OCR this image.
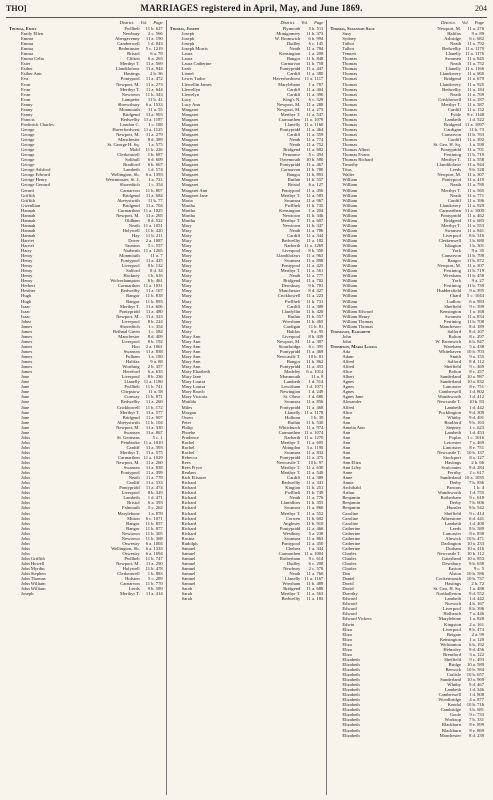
THO]	MARRIAGES registered in April, May, and June 1869.	204
District. Vol. Page
Thomas, Emily	Pwllheli	11 b. 627
Emily Ellen	Newbury	2 c. 566
Emma	Abergavenny	11 a. 190
Emma	Camberwell	1 d. 843
Emma	Bedminster	5 c. 1219
Emma	Bristol	6 a. 78
Emma Celia	Clifton	6 a. 263
Ester	Merthyr T.	11 a. 569
Esther	Llandilofawr	11 a. 944
Esther Ann	Hastings	2 b. 36
Eva	Pontypool	11 a. 472
Evan	Newport, M.	11 a. 273
Evan	Merthyr T.	11 a. 644
Evan	Newtown	11 b. 343
Evan	Lampeter	11 b. 41
Fanny	Shrewsbury	6 a. 1533
Fanny	Monmouth	11 a. 55
Fanny	Bridgend	11 a. 903
Francis	Bedwellty 11 a. 1187
Frederick Charles	London C.	1 c. 188
George	Haverfordwest 11 a. 1125
George	Newport, M.	11 a. 279
George	Manchester	8 d. 389
George	St. George H. Sq.	1 a. 575
George	Mold	11 b. 226
George	Clerkenwell	1 b. 687
George	Solihull	6 d. 609
George	Bradford	6 b. 667
George Ashford	Lambeth	1 d. 574
George Edward	Wellington, Sh.	6 a. 1393
George Henry	Westminster, St. J.	1 a. 721
George Gerrard	Shoreditch	1 c. 354
Gerard	Carnarvon	11 b. 807
Griffith	Bridgend	11 a. 684
Griffith	Aberystwith	11 b. 77
Gwenllian	Bridgend	11 a. 704
Hannah	Carmarthen 11 a. 1025
Hannah	Newport, M.	11 a. 265
Hannah	Oldham	8 d. 522
Hannah	Neath 11 a. 1051
Hannah	Holywell	11 b. 420
Hannah	Hay	11 b. 211
Harriet	Dover	2 a. 1087
Harriet	Taunton	5 c. 557
Harry	Narberth 11 a. 1265
Henry	Monmouth	11 a. 7
Henry	Pontypool	11 a. 425
Henry	Liverpool	8 b. 132
Henry	Salford	8 d. 34
Henry	Hackney	1 b. 616
Henry	Wolverhampton	6 b. 461
Herbert	Carmarthen 11 a. 1031
Hesther	Bedwellty	11 a. 167
Hugh	Bangor	11 b. 838
Hugh	Bangor	11 b. 893
Isaac	Merthyr T.	11 a. 606
Isaac	Pontypridd	11 a. 480
Isaac	Newport, M.	11 a. 323
Jabez	Liverpool	8 b. 224
James	Shoreditch	1 c. 354
James	Bethnal Green	1 c. 584
James	Manchester	8 d. 409
James	Liverpool	8 b. 192
James	Hoo	2 a. 1061
James	Swansea	11 a. 838
James	Fulham	1 a. 180
James	Halifax	9 a. 88
James	Worthing	2 b. 357
James	Hereford	6 a. 635
Jane	Liverpool	8 b. 236
Jane	Llanelly 11 a. 1180
Jane	Pwllheli	11 b. 741
Jane	Chepstow	11 a. 58
Jane	Conway	11 b. 871
Jane	Bedwellty	11 a. 260
Jane	Crickhowell	11 b. 172
Jane	Merthyr T.	11 a. 577
Jane	Bridgend	11 a. 907
Jane	Aberystwith	11 b. 104
Jane	Newport, M.	11 a. 330
Jane	Swansea	11 a. 867
John	St. Germans	5 c. 1
John	Pembroke 11 a. 1010
John	Cardiff	11 a. 393
John	Merthyr T.	11 a. 575
John	Carmarthen 11 a. 1029
John	Newport, M.	11 a. 260
John	Swansea	11 a. 838
John	Pontypool	11 a. 399
John	Neath	11 a. 778
John	Cardiff	11 a. 533
John	Pontypridd	11 a. 474
John	Liverpool	8 b. 329
John	Lambeth	1 d. 471
John	Bristol	6 a. 393
John	Falmouth	5 c. 262
John	Marylebone	1 a. 878
John	Mitton	6 c. 1071
John	Bangor	11 b. 857
John	Bangor	11 b. 877
John	Newtown	11 b. 305
John	Newtown	11 b. 368
John	Oswestry	6 a. 1004
John	Wellington, Sh.	6 a. 1333
John	Oswestry	6 a. 1094
John Griffith	Pwllheli	11 b. 747
John Howell	Newport, M.	11 a. 290
John Myrdin	Holywell	11 b. 478
John Stephen	Clerkenwell	1 b. 883
John Thomas	Holston	5 c. 289
John William	Carnarvon	11 b. 770
John William	Leeds	9 b. 589
Joseph	Merthyr T.	11 a. 414
District. Vol. Page
Thomas, Joseph	Plymouth	5 b. 511
Joseph	Montgomery	11 b. 373
Joseph	W. Bromwich	6 b. 994
Joseph	Dudley	6 c. 145
Joseph Morris	Neath	11 a. 784
Laura	Kensington	1 a. 208
Laura	Bangor	11 b. 848
Laura Catherine	Carnarvon	11 b. 758
Leah	Pontypridd	11 a. 447
Lionel	Cardiff	11 a. 380
Lewis Tudor	Haverfordwest 11 a. 1117
Llewellin James	Marylebone	1 a. 787
Llewellyn	Cardiff	11 a. 404
Llewelyn	Cardiff	11 a. 390
Lucy	King's N.	6 c. 329
Lucy Ann	Newport, M.	11 a. 288
Margaret	Newport, M.	11 a. 273
Margaret	Merthyr T.	11 a. 547
Margaret	Carmarthen 11 a. 1079
Margaret	Llanelly 11 a. 1160
Margaret	Pontypridd	11 a. 464
Margaret	Cardiff	11 a. 359
Margaret	Neath	11 a. 774
Margaret	Neath	11 a. 752
Margaret	Bridgend	11 a. 682
Margaret	Penzance	5 c. 494
Margaret	Tynemouth	10 b. 580
Margaret	Pontypridd	11 a. 467
Margaret	Carnarvon	11 b. 780
Margaret	Bangor	11 b. 893
Margaret	Ruthin	11 b. 557
Margaret	Bristol	6 a. 127
Margaret Ann	Pontypool	11 a. 456
Margaret Jane	Merthyr T.	11 a. 585
Maria	Swansea	11 a. 967
Martha	Pwllheli	11 b. 735
Martha	Kensington	1 a. 204
Martha	Newtown	11 b. 346
Martha	Merthyr T.	11 a. 607
Mary	Newtown	11 b. 347
Mary	Neath	11 a. 786
Mary	Cardiff	11 a. 344
Mary	Bedwellty	11 a. 182
Mary	Narberth 11 a. 1269
Mary	Liverpool	8 b. 350
Mary	Llandilofawr	11 a. 963
Mary	Swansea	11 a. 898
Mary	Pontypool	11 a. 425
Mary	Merthyr T.	11 a. 561
Mary	Neath	11 a. 777
Mary	Bridgend	11 a. 702
Mary	Dewsbury	9 b. 781
Mary	Manchester	8 d. 427
Mary	Crickhowell	11 a. 223
Mary	Pwllheli	11 b. 731
Mary	Cardiff	11 a. 389
Mary	Llanfyllin	11 b. 420
Mary	Ruthin	11 b. 557
Mary	Wrexham	11 b. 465
Mary	Cardigan	11 b. 81
Mary	Halifax	9 a. 95
Mary Ann	Liverpool	8 b. 439
Mary Ann	Newport, M.	11 a. 307
Mary Ann	Stourbridge	6 c. 395
Mary Ann	Pontypridd	11 a. 469
Mary Ann	Newcastle T.	10 b. 81
Mary Ann	Bangor	11 b. 862
Mary Ann	Pontypridd	11 a. 453
Mary Elizabeth	Madeley	6 a. 1014
Mary Jane	Monmouth	11 a. 9
Mary Louisa	Lambeth	1 d. 514
Mary Louisa	Lewisham	1 d. 1071
Mary Roach	Newington	1 d. 249
Mary Victoria	St. Olave	1 d. 680
Matilda	Swansea	11 a. 856
Miles	Pontypridd	11 a. 468
Morgan	Llanelly 11 a. 1178
Owen	Holborn	1 b. 39
Peter	Ruthin	11 b. 530
Philip	Whitchurch	11 a. 974
Phoebe	Carmarthen 11 a. 1074
Prudence	Narberth 11 a. 1270
Rachel	Merthyr T.	11 a. 605
Rachel	Abingdon	3 a. 1190
Rachel	Swansea	11 a. 832
Rebecca	Pontypridd	11 a. 475
Rees	Newcastle T.	10 b. 97
Rees Pryce	Merthyr T.	11 a. 630
Reuben	Merthyr T.	11 a. 549
Rich Elisaser	Cardiff	11 a. 389
Richard	Bedwellty	11 a. 341
Richard	Kington	11 b. 251
Richard	Pwllheli	11 b. 749
Richard	Neath	11 a. 776
Richard	Llanidloes	11 b. 355
Richard	Swansea	11 a. 866
Richard	Merthyr T.	11 a. 552
Richard	Corwen	11 b. 602
Richard	Anglesey	11 b. 910
Richard	Pontypridd	11 a. 466
Richard	Westbury	5 a. 238
Rosina	Swansea	11 a. 863
Rudolph	Pontypool	11 a. 450
Samuel	Chelsea	1 a. 344
Samuel	Carmarthen 11 a. 1004
Samuel	Rotherham	9 c. 614
Samuel	Dudley	6 c. 208
Samuel	Newbury	2 c. 578
Samuel	Neath	11 a. 760
Samuel	Llanelly 11 a. 1167
Samuel	Wrexham	11 b. 489
Sarah	Bridgend	11 a. 688
Sarah	Merthyr T.	11 a. 563
Sarah	Bedwellty	11 a. 183
District. Vol. Page
Thomas, Susannah Sage	Newport, M.	11 a. 276
Susy	Halifax	9 a. 89
Sydney	Asbridge	6 c. 682
Talbot	Neath	11 a. 792
Talbot	Bedwellty 11 a. 1179
Tennett	Llanelly 11 a. 1176
Thomas	Swansea	11 a. 845
Thomas	Neath	11 a. 752
Thomas	Llanelly 11 a. 1166
Thomas	Llandovery	11 a. 960
Thomas	Bridgend	11 a. 679
Thomas	Llandovery	11 a. 925
Thomas	Bedwellty	11 a. 184
Thomas	Neath	11 a. 769
Thomas	Crickhowell	11 a. 187
Thomas	Merthyr T.	11 a. 587
Thomas	Cardiff	11 a. 152
Thomas	Fylde	8 e. 1148
Thomas	Lambeth	1 d. 522
Thomas	Bridgend 11 a. 1097
Thomas	Cardigan	11 b. 73
Thomas	Carnarvon	11 b. 763
Thomas	Cardiff	11 a. 392
Thomas	St. Geo. H. Sq.	1 a. 590
Thomas Albert	Pontypridd	11 a. 701
Thomas Evans	Festiniog	11 b. 719
Thomas Richard	Merthyr T.	11 a. 558
Timothy	Llandilofawr	11 a. 944
Titus	Leeds	9 b. 528
Walter	Newport, M.	11 a. 307
William	Pontypool	11 a. 419
William	Neath	11 a. 780
William	Merthyr T.	11 a. 565
William	Neath	11 a. 771
William	Cardiff	11 a. 396
William	Llandovery	11 a. 929
William	Carmarthen 11 a. 1000
William	Pontypridd	11 a. 462
William	Bridgend	11 a. 683
William	Merthyr T.	11 a. 553
William	Swansea	11 a. 841
William	Liverpool	8 b. 316
William	Clerkenwell	1 b. 680
William	Islington	1 b. 301
William	York	9 a. 35
William	Carnarvon	11 b. 798
William	Bangor	11 b. 872
William	Newport, M.	11 a. 307
William	Festiniog	11 b. 719
William	Wrexham	11 b. 458
William	York	9 a. 27
William	Festiniog	11 b. 730
William	Huddersfield	9 a. 395
William	Chard	5 c. 1044
William	Ludlow	6 a. 983
William	Sheffield	9 c. 399
William Edward	Kensington	1 a. 168
William Henry	Swansea	11 a. 834
William Thomas	Festiniog	11 b. 708
William Thomas	Manchester	8 d. 189
Thomason, Elizabeth	Salford	8 d. 107
John	Bolton	8 c. 297
John	W. Bromwich	6 b. 847
Thompson, Maria Louisa	Wareham	5 a. 438
Ada	Whitehaven	10 b. 703
Adam	Smith	9 a. 155
Alfred	Salford	8 d. 112
Alfred	Sheffield	9 c. 469
Alice	Bolton	8 c. 257
Albert	Sunderland	10 a. 987
Agnes	Sunderland	10 a. 832
Agnes	Lancaster	8 e. 751
Agnes	Camberwell	1 d. 802
Agnes Jane	Wandsworth	1 d. 412
Alexander	Newcastle T.	10 b. 83
Alfred	Lambeth	1 d. 442
Alice	Pocklington	9 d. 309
Ann	Whitby	9 d. 491
Ann	Bradford	9 b. 163
Amelia Ann	Stepney	1 c. 623
Ann	Lambeth	1 d. 453
Ann	Poplar	1 c. 1016
Ann	Leicester	7 a. 469
Ann	Lancaster	8 e. 751
Ann	Newcastle T.	10 b. 137
Ann	Stockport	8 a. 127
Ann Eliza	Hastings	2 b. 66
Ann Liley	Sculcoates	9 d. 284
Anne	Ferriby	2 c. 617
Anne	Sunderland 10 a. 1035
Annie	Derby	7 b. 836
Archibald	Pancras	1 b. 4
Arthur	Wandsworth	1 d. 755
Benjamin	Rotherham	9 c. 618
Benjamin	Derby	7 b. 606
Benjamin	Hunslet	9 b. 542
Caroline	Sheffield	9 c. 414
Caroline	Atherstone	6 d. 441
Caroline	Lambeth	1 d. 408
Catherine	Leeds	9 b. 589
Catherine	Lancaster	8 e. 838
Catherine	Alnwick	10 b. 471
Catherine	Darlington	10 a. 233
Catherine	Durham	10 a. 416
Charles	Newcastle T.	10 b. 112
Charles	Gateshead	10 a. 853
Charles	Dewsbury	9 b. 638
Charles	Easton	9 c. 5
Dan	Alston	10 b. 586
Daniel	Cockermouth	10 b. 737
David	Hastings	2 b. 72
David	St. Geo. H. Sq.	1 a. 488
Dorothy	Northallerton	9 d. 552
Edward	Lambeth	1 d. 442
Edward	Norwich	4 b. 167
Edward	Liverpool	8 b. 396
Edward	Holbeach	7 a. 446
Edward Vickers	Marylebone	1 a. 828
Edwin	Kingston	2 a. 161
Eliza	Liverpool	8 b. 474
Eliza	Reigate	2 a. 99
Eliza	Kensington	1 a. 120
Eliza	Wolstanton	6 b. 192
Eliza	Helmsley	9 d. 456
Eliza	Brentford	3 a. 122
Elizabeth	Sheffield	9 c. 493
Elizabeth	Bridge	10 a. 589
Elizabeth	Berwick	10 b. 584
Elizabeth	Carlisle	10 b. 657
Elizabeth	Sunderland	10 a. 969
Elizabeth	Whitby	9 d. 467
Elizabeth	Lambeth	1 d. 346
Elizabeth	Camberwell	1 d. 808
Elizabeth	Woodbridge	4 a. 877
Elizabeth	Kendal	10 b. 716
Elizabeth	Cambridge	3 b. 681
Elizabeth	Goole	9 c. 733
Elizabeth	Worksop	7 b. 331
Elizabeth	Blackburn	8 e. 899
Elizabeth	Blackburn	8 e. 869
Elizabeth	Manchester	8 d. 239
